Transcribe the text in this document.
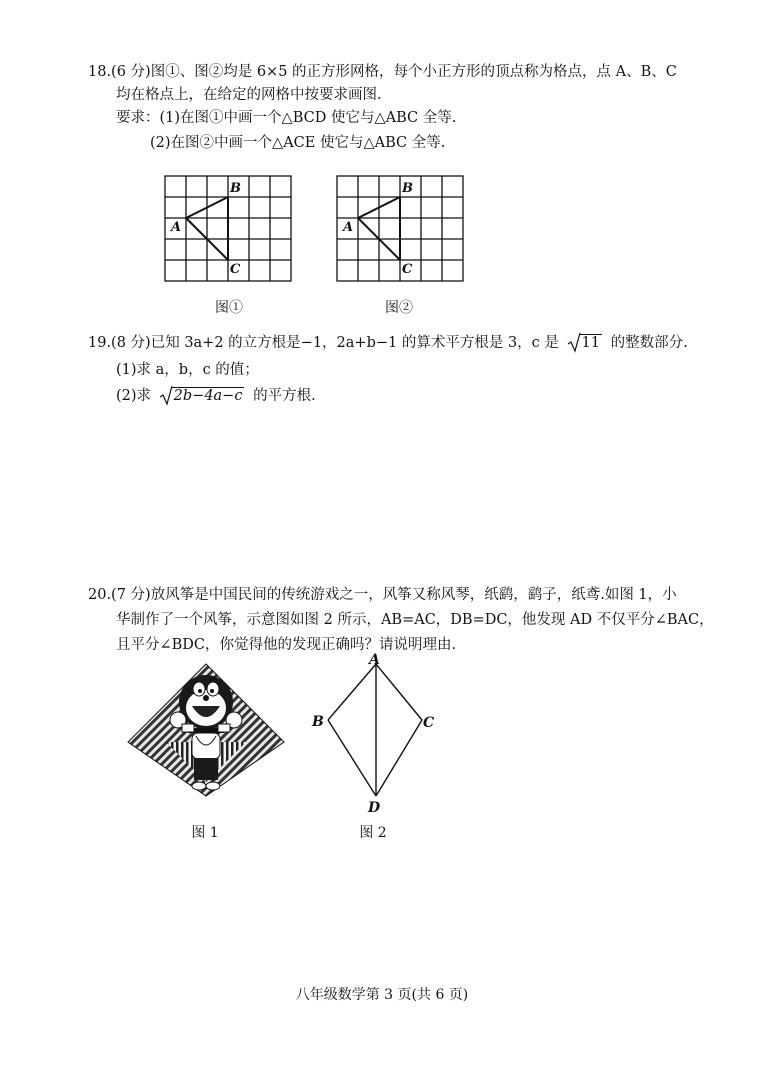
18.(6 分)图①、图②均是 6×5 的正方形网格，每个小正方形的顶点称为格点，点 A、B、C
均在格点上，在给定的网格中按要求画图.
要求：(1)在图①中画一个△BCD 使它与△ABC 全等.
(2)在图②中画一个△ACE 使它与△ABC 全等.
B
A
C
图①
B
A
C
图②
19.(8 分)已知 3a+2 的立方根是−1，2a+b−1 的算术平方根是 3，c 是 11 的整数部分.
(1)求 a，b，c 的值；
(2)求 2b−4a−c 的平方根.
20.(7 分)放风筝是中国民间的传统游戏之一，风筝又称风琴，纸鹞，鹞子，纸鸢.如图 1，小
华制作了一个风筝，示意图如图 2 所示，AB=AC，DB=DC，他发现 AD 不仅平分∠BAC，
且平分∠BDC，你觉得他的发现正确吗？请说明理由.
图 1
A
B	C
D
图 2
八年级数学第 3 页(共 6 页)
